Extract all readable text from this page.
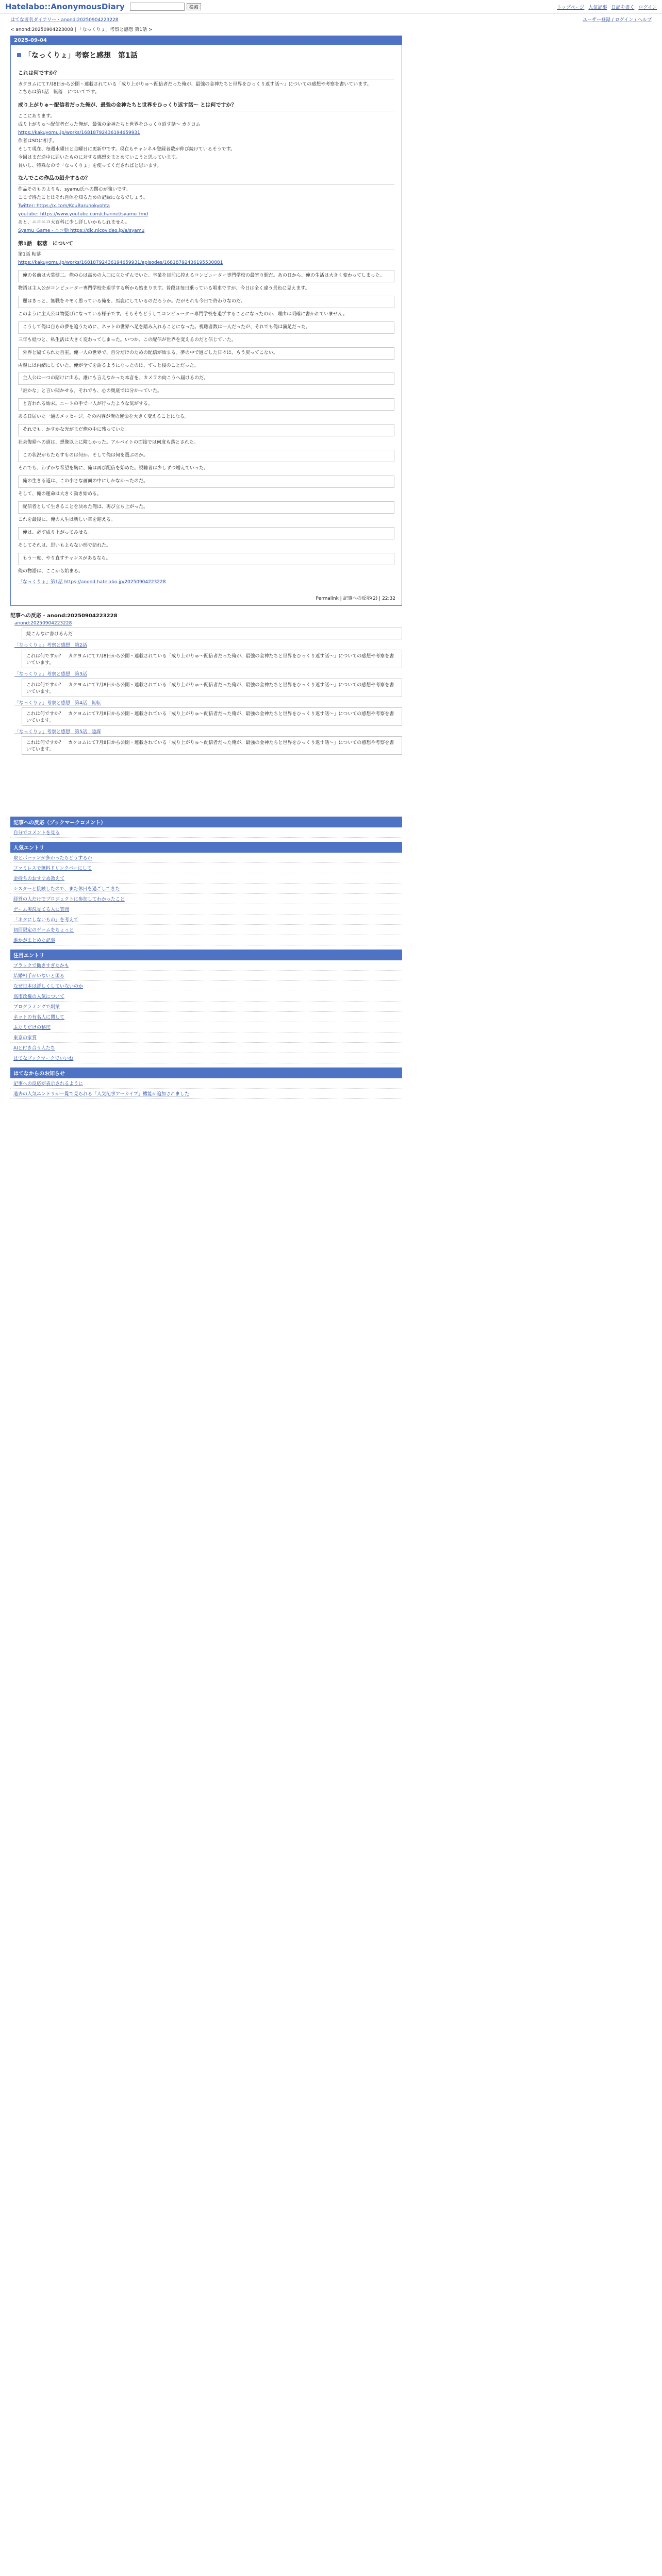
Hatelabo::AnonymousDiary	検索	トップページ 人気記事 日記を書く ログイン
はてな匿名ダイアリー・anond:20250904223228	ユーザー登録 / ログイン / ヘルプ
< anond:20250904223008 | 「なっくりょ」考察と感想 第1話 >
2025-09-04
「なっくりょ」考察と感想　第1話
これは何ですか？
カクヨムにて7月8日から公開・連載されている「成り上がりゅ～配信者だった俺が、最強の金神たちと世界をひっくり返す話～」についての感想や考察を書いています。
こちらは第1話　転落　についてです。
成り上がりゅ～配信者だった俺が、最強の金神たちと世界をひっくり返す話～ とは何ですか？
ここにあります。
成り上がりゅ～配信者だった俺が、最強の金神たちと世界をひっくり返す話～ カクヨム
https://kakuyomu.jp/works/16818792436194659931
作者はSDに相手。
そして現在、毎週水曜日と金曜日に更新中です。現在もチャンネル登録者数が伸び続けているそうです。
今回はまだ途中に届いたものに対する感想をまとめていこうと思っています。
長いし、特殊なので「なっくりょ」を使ってくださればと思います。
なんでこの作品の紹介するの？
作品そのものよりも、syamu氏への関心が強いです。
ここで得たことはそれ自体を知るための記録になるでしょう。
Twitter: https://x.com/KouBarunokyohta
youtube: https://www.youtube.com/channel/syamu_fmd
あと、ニコニコ大百科に少し詳しいかもしれません。
Syamu_Game - ニコ動 https://dic.nicovideo.jp/a/syamu
第1話　転落　について
第1話 転落
https://kakuyomu.jp/works/16818792436194659931/episodes/16818792436195530881
俺の名前は大葉健二。俺の心は高めの入口に立たずんでいた。卒業を目前に控えるコンピューター専門学校の最寄り駅だ。あの日から、俺の生活は大きく変わってしまった。
物語は主人公がコンピューター専門学校を退学する所から始まります。普段は毎日乗っている電車ですが、今日は全く違う景色に見えます。
麗はきっと、無職をキモく思っている俺を、馬鹿にしているのだろうか。だがそれも今日で終わりなのだ。
このように主人公は物憂げになっている様子です。そもそもどうしてコンピューター専門学校を退学することになったのか、理由は明確に書かれていません。
こうして俺は自らの夢を追うために、ネットの世界へ足を踏み入れることになった。視聴者数は一人だったが、それでも俺は満足だった。
三年も経つと、私生活は大きく変わってしまった。いつか、この配信が世界を変えるのだと信じていた。
外界と隔てられた自室。俺一人の世界で、自分だけのための配信が始まる。夢の中で過ごした日々は、もう戻ってこない。
両親には内緒にしていた。俺が全てを語るようになったのは、ずっと後のことだった。
主人公は一つの賭けに出る。誰にも言えなかった本音を、カメラの向こうへ届けるのだ。
「誰かな」と言い聞かせる。それでも、心の奥底では分かっていた。
と言われる始末。ニートの手で一人が行ったような気がする。
ある日届いた一通のメッセージ。その内容が俺の運命を大きく変えることになる。
それでも、かすかな光がまだ俺の中に残っていた。
社会復帰への道は、想像以上に険しかった。アルバイトの面接では何度も落とされた。
この状況がもたらすものは何か。そして俺は何を選ぶのか。
それでも、わずかな希望を胸に、俺は再び配信を始めた。視聴者は少しずつ増えていった。
俺の生きる道は、この小さな画面の中にしかなかったのだ。
そして、俺の運命は大きく動き始める。
配信者として生きることを決めた俺は、再び立ち上がった。
これを最後に、俺の人生は新しい章を迎える。
俺は、必ず成り上がってみせる。
そしてそれは、思いもよらない形で訪れた。
もう一度、やり直すチャンスがあるなら。
俺の物語は、ここから始まる。
「なっくりょ」第1話 https://anond.hatelabo.jp/20250904223228
Permalink | 記事への反応(2) | 22:32
記事への反応 - anond:20250904223228
anond:20250904223228
続こんなに書けるんだ
「なっくりょ」考察と感想　第2話
これは何ですか？　カクヨムにて7月8日から公開・連載されている「成り上がりゅ～配信者だった俺が、最強の金神たちと世界をひっくり返す話～」についての感想や考察を書いています。
「なっくりょ」考察と感想　第3話
これは何ですか？　カクヨムにて7月8日から公開・連載されている「成り上がりゅ～配信者だった俺が、最強の金神たちと世界をひっくり返す話～」についての感想や考察を書いています。
「なっくりょ」考察と感想　第4話　転転
これは何ですか？　カクヨムにて7月8日から公開・連載されている「成り上がりゅ～配信者だった俺が、最強の金神たちと世界をひっくり返す話～」についての感想や考察を書いています。
「なっくりょ」考察と感想　第5話　陰謀
これは何ですか？　カクヨムにて7月8日から公開・連載されている「成り上がりゅ～配信者だった俺が、最強の金神たちと世界をひっくり返す話～」についての感想や考察を書いています。
記事への反応（ブックマークコメント）
自分でコメントを見る
人気エントリ
取とポーテンが多かったらどうするか
ファミレスで無料ドリンクバーにして
金持ちのおすすめ教えて
シスターと接触したので、また休日を過ごしてきた
経営の人だけでプロジェクトに参加してわかったこと
ゲーム実況見てる人に質問
「ネタにしないもの」を考えて
初回限定のゲームをちょっと
誰かがまとめた記事
注目エントリ
ブラックで働きすぎたかも
結婚相手がいないと困る
なぜ日本は詳しくしていないのか
高市政権の人気について
プログラミングで副業
ネットの有名人に関して
ふたりだけの秘密
東京の家賃
AIと付き合う人たち
はてなブックマークでいいね
はてなからのお知らせ
記事への反応が表示されるように
過去の人気エントリが一覧で見られる「人気記事アーカイブ」機能が追加されました
